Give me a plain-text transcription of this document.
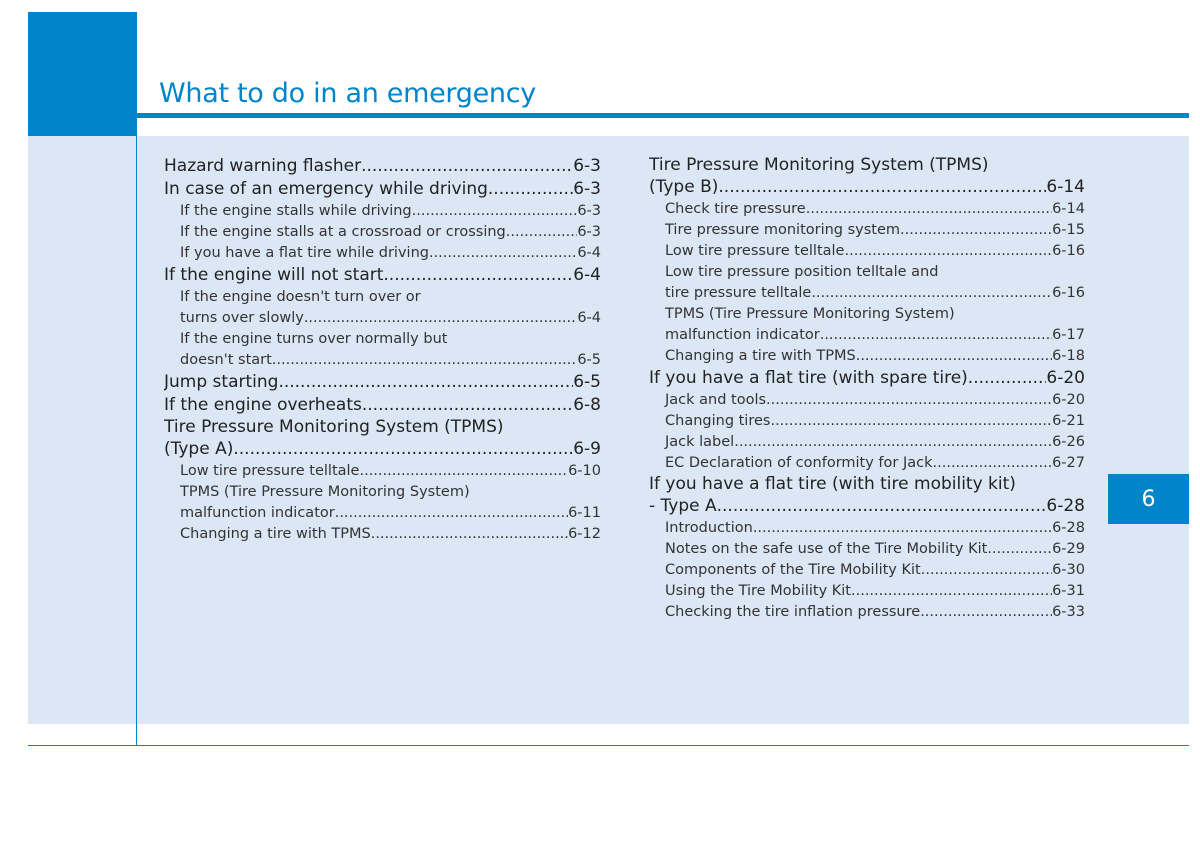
What to do in an emergency
6
Hazard warning flasher .....	6-3
In case of an emergency while driving .....	6-3
If the engine stalls while driving .....	6-3
If the engine stalls at a crossroad or crossing .....	6-3
If you have a flat tire while driving .....	6-4
If the engine will not start .....	6-4
If the engine doesn't turn over or
turns over slowly .....	6-4
If the engine turns over normally but
doesn't start .....	6-5
Jump starting .....	6-5
If the engine overheats .....	6-8
Tire Pressure Monitoring System (TPMS)
(Type A) .....	6-9
Low tire pressure telltale .....	6-10
TPMS (Tire Pressure Monitoring System)
malfunction indicator .....	6-11
Changing a tire with TPMS. .....	6-12
Tire Pressure Monitoring System (TPMS)
(Type B) .....	6-14
Check tire pressure .....	6-14
Tire pressure monitoring system .....	6-15
Low tire pressure telltale .....	6-16
Low tire pressure position telltale and
tire pressure telltale .....	6-16
TPMS (Tire Pressure Monitoring System)
malfunction indicator .....	6-17
Changing a tire with TPMS. .....	6-18
If you have a flat tire (with spare tire) .....	6-20
Jack and tools .....	6-20
Changing tires .....	6-21
Jack label .....	6-26
EC Declaration of conformity for Jack .....	6-27
If you have a flat tire (with tire mobility kit)
- Type A .....	6-28
Introduction .....	6-28
Notes on the safe use of the Tire Mobility Kit .....	6-29
Components of the Tire Mobility Kit .....	6-30
Using the Tire Mobility Kit. .....	6-31
Checking the tire inflation pressure .....	6-33
